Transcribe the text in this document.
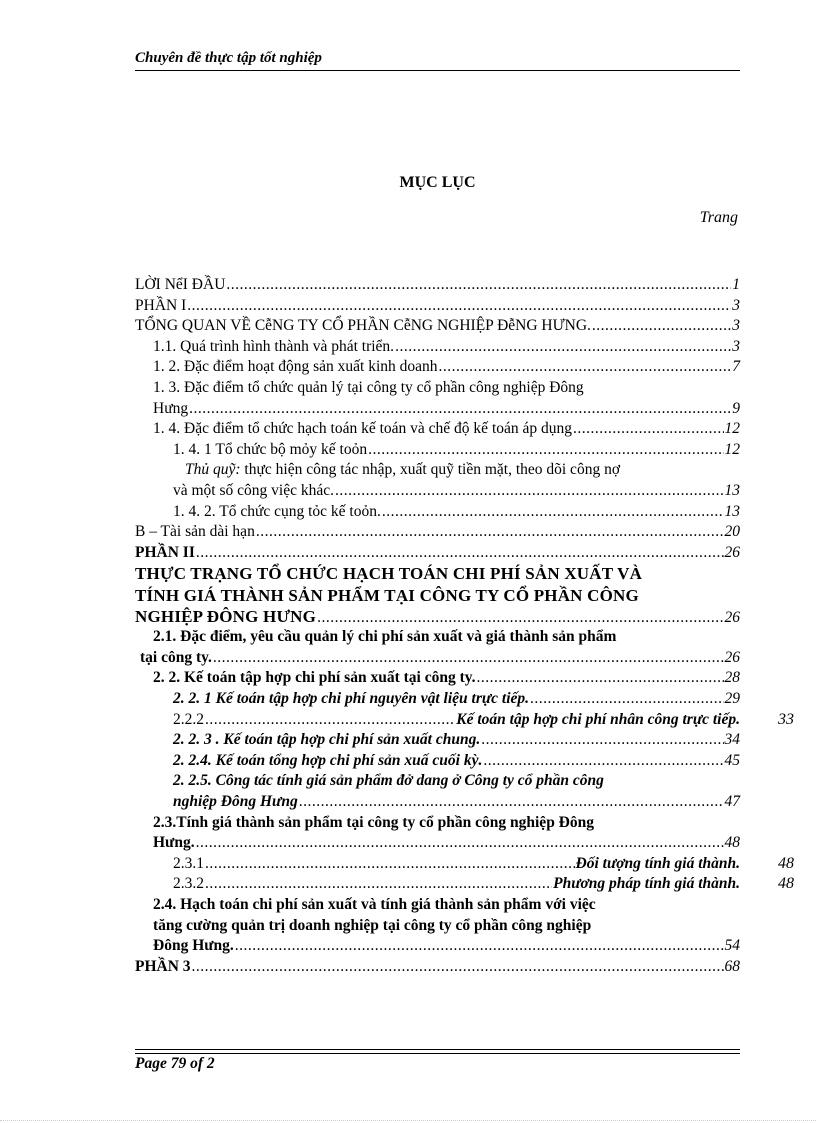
Chuyên đề thực tập tốt nghiệp
MỤC LỤC
Trang
LỜI NểI ĐẦU .....	1
PHẦN I .....	3
TỔNG QUAN VỀ CễNG TY CỔ PHẦN CễNG NGHIỆP ĐễNG HƯNG. .....	3
1.1. Quá trình hình thành và phát triển. .....	3
1. 2. Đặc điểm hoạt động sản xuất kinh doanh .....	7
1. 3. Đặc điểm tổ chức quản lý tại công ty cổ phần công nghiệp Đông
Hưng .....	9
1. 4. Đặc điểm tổ chức hạch toán kế toán và chế độ kế toán áp dụng .....	12
1. 4. 1 Tổ chức bộ mỏy kế toỏn .....	12
Thủ quỹ: thực hiện công tác nhập, xuất quỹ tiền mặt, theo dõi công nợ
và một số công việc khác. .....	13
1. 4. 2. Tổ chức cụng tỏc kế toỏn. .....	13
B – Tài sản dài hạn .....	20
PHẦN II .....	26
THỰC TRẠNG TỔ CHỨC HẠCH TOÁN CHI PHÍ SẢN XUẤT VÀ
TÍNH GIÁ THÀNH SẢN PHẨM TẠI CÔNG TY CỔ PHẦN CÔNG
NGHIỆP ĐÔNG HƯNG .....	26
2.1. Đặc điểm, yêu cầu quản lý chi phí sản xuất và giá thành sản phẩm
tại công ty. .....	26
2. 2. Kế toán tập hợp chi phí sản xuất tại công ty. .....	28
2. 2. 1 Kế toán tập hợp chi phí nguyên vật liệu trực tiếp. .....	29
2.2.2 .....	Kế toán tập hợp chi phí nhân công trực tiếp. 33
2. 2. 3 . Kế toán tập hợp chi phí sản xuất chung. .....	34
2. 2.4. Kế toán tổng hợp chi phí sản xuấ cuối kỳ. .....	45
2. 2.5. Công tác tính giá sản phẩm đở dang ở Công ty cổ phần công
nghiệp Đông Hưng .....	47
2.3.Tính giá thành sản phẩm tại công ty cổ phần công nghiệp Đông
Hưng. .....	48
2.3.1 .....	Đối tượng tính giá thành. 48
2.3.2 .....	Phương pháp tính giá thành. 48
2.4. Hạch toán chi phí sản xuất và tính giá thành sản phẩm với việc
tăng cường quản trị doanh nghiệp tại công ty cổ phần công nghiệp
Đông Hưng. .....	54
PHẦN 3 .....	68
Page 79 of 2
